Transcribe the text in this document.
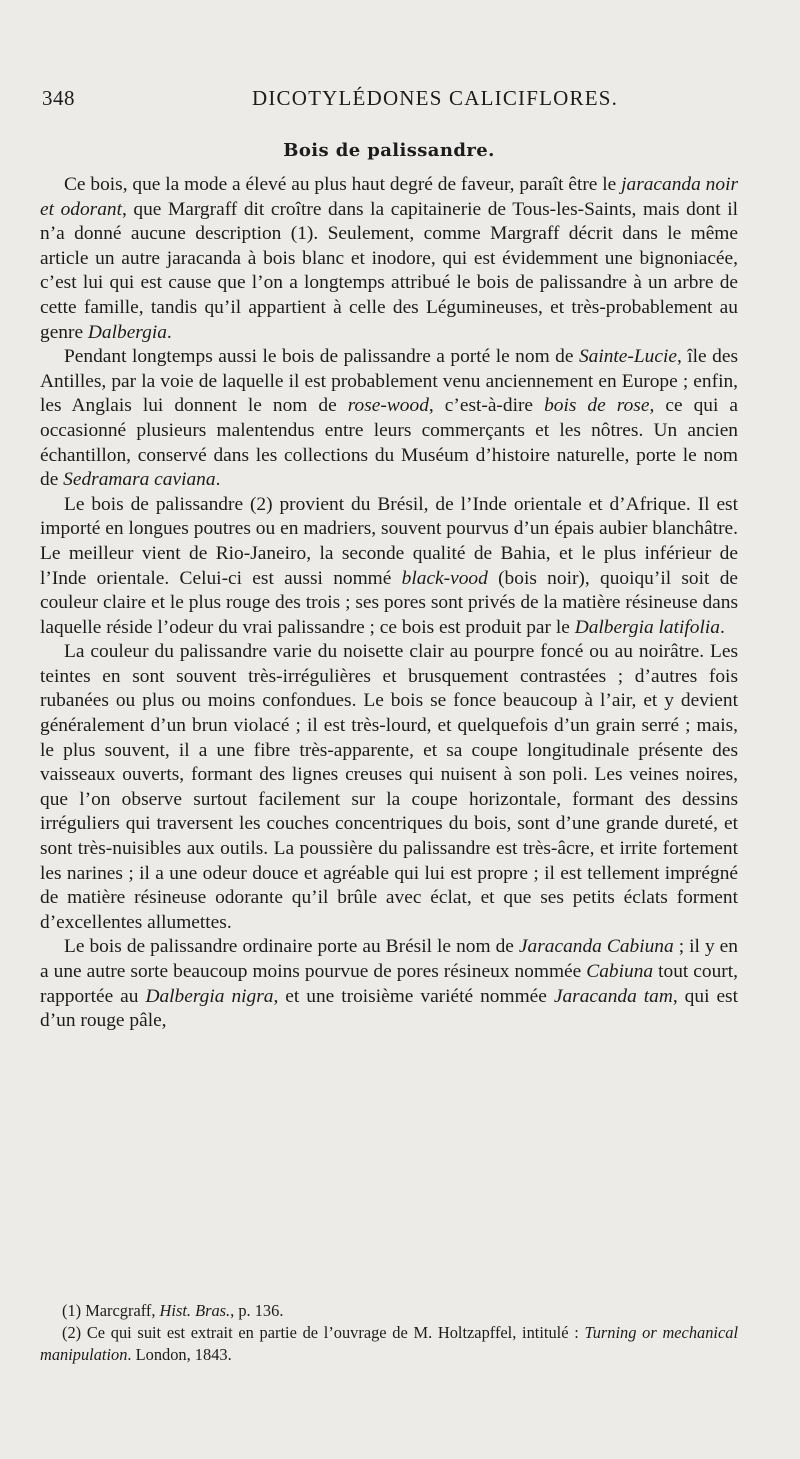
348	DICOTYLÉDONES CALICIFLORES.
Bois de palissandre.

Ce bois, que la mode a élevé au plus haut degré de faveur, paraît être le jaracanda noir et odorant, que Margraff dit croître dans la capitainerie de Tous-les-Saints, mais dont il n’a donné aucune description (1). Seulement, comme Margraff décrit dans le même article un autre jaracanda à bois blanc et inodore, qui est évidemment une bignoniacée, c’est lui qui est cause que l’on a longtemps attribué le bois de palissandre à un arbre de cette famille, tandis qu’il appartient à celle des Légumineuses, et très-probablement au genre Dalbergia.

Pendant longtemps aussi le bois de palissandre a porté le nom de Sainte-Lucie, île des Antilles, par la voie de laquelle il est probablement venu anciennement en Europe ; enfin, les Anglais lui donnent le nom de rose-wood, c’est-à-dire bois de rose, ce qui a occasionné plusieurs malentendus entre leurs commerçants et les nôtres. Un ancien échantillon, conservé dans les collections du Muséum d’histoire naturelle, porte le nom de Sedramara caviana.

Le bois de palissandre (2) provient du Brésil, de l’Inde orientale et d’Afrique. Il est importé en longues poutres ou en madriers, souvent pourvus d’un épais aubier blanchâtre. Le meilleur vient de Rio-Janeiro, la seconde qualité de Bahia, et le plus inférieur de l’Inde orientale. Celui-ci est aussi nommé black-vood (bois noir), quoiqu’il soit de couleur claire et le plus rouge des trois ; ses pores sont privés de la matière résineuse dans laquelle réside l’odeur du vrai palissandre ; ce bois est produit par le Dalbergia latifolia.

La couleur du palissandre varie du noisette clair au pourpre foncé ou au noirâtre. Les teintes en sont souvent très-irrégulières et brusquement contrastées ; d’autres fois rubanées ou plus ou moins confondues. Le bois se fonce beaucoup à l’air, et y devient généralement d’un brun violacé ; il est très-lourd, et quelquefois d’un grain serré ; mais, le plus souvent, il a une fibre très-apparente, et sa coupe longitudinale présente des vaisseaux ouverts, formant des lignes creuses qui nuisent à son poli. Les veines noires, que l’on observe surtout facilement sur la coupe horizontale, formant des dessins irréguliers qui traversent les couches concentriques du bois, sont d’une grande dureté, et sont très-nuisibles aux outils. La poussière du palissandre est très-âcre, et irrite fortement les narines ; il a une odeur douce et agréable qui lui est propre ; il est tellement imprégné de matière résineuse odorante qu’il brûle avec éclat, et que ses petits éclats forment d’excellentes allumettes.

Le bois de palissandre ordinaire porte au Brésil le nom de Jaracanda Cabiuna ; il y en a une autre sorte beaucoup moins pourvue de pores résineux nommée Cabiuna tout court, rapportée au Dalbergia nigra, et une troisième variété nommée Jaracanda tam, qui est d’un rouge pâle,

(1) Marcgraff, Hist. Bras., p. 136.

(2) Ce qui suit est extrait en partie de l’ouvrage de M. Holtzapffel, intitulé : Turning or mechanical manipulation. London, 1843.
